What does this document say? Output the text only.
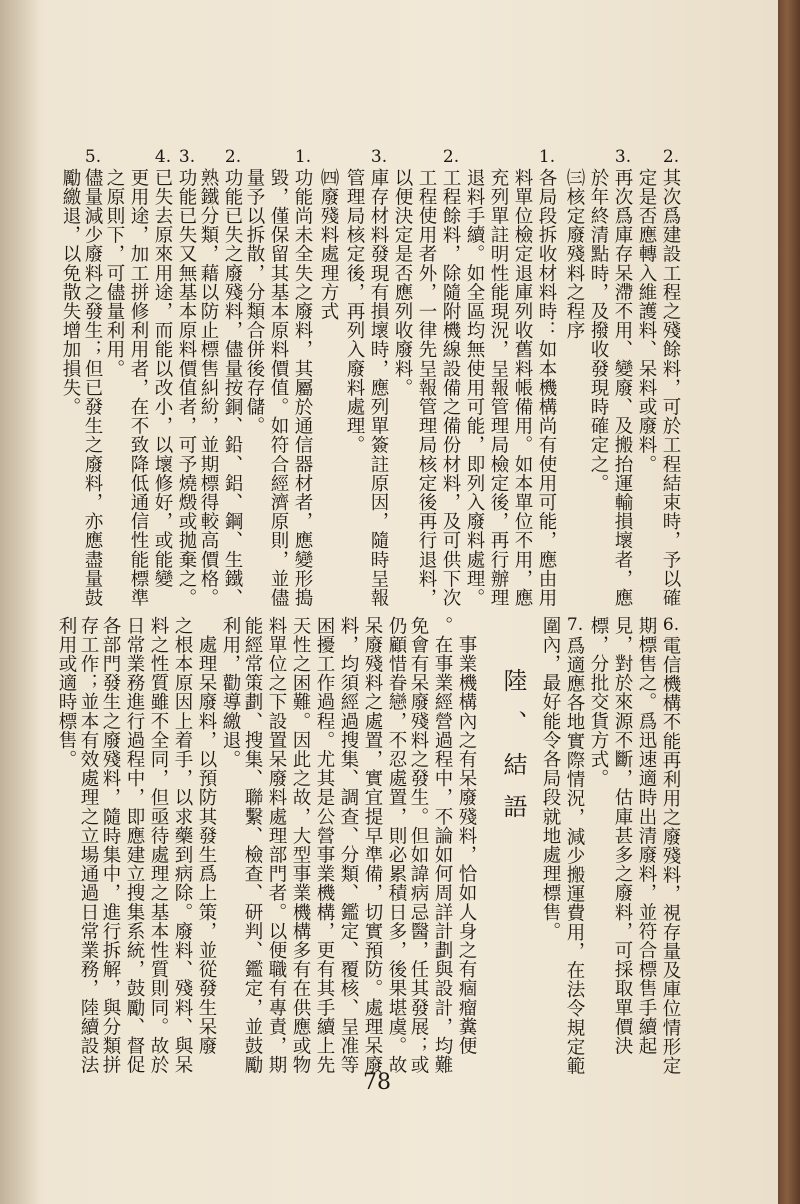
2.
其次爲建設工程之殘餘料，可於工程結束時，予以確
定是否應轉入維護料、呆料或廢料。
3.
再次爲庫存呆滯不用、變廢、及搬抬運輸損壞者，應
於年終清點時，及撥收發現時確定之。
㈢核定廢殘料之程序
1.
各局段拆收材料時：如本機構尚有使用可能，應由用
料單位檢定退庫列收舊料帳備用。如本單位不用，應
充列單註明性能現況，呈報管理局檢定後，再行辦理
退料手續。如全區均無使用可能，即列入廢料處理。
2.
工程餘料，除隨附機線設備之備份材料，及可供下次
工程使用者外，一律先呈報管理局核定後再行退料，
以便決定是否應列收廢料。
3.
庫存材料發現有損壞時，應列單簽註原因，隨時呈報
管理局核定後，再列入廢料處理。
㈣廢殘料處理方式
1.
功能尚未全失之廢料，其屬於通信器材者，應變形搗
毀，僅保留其基本原料價值。如符合經濟原則，並儘
量予以拆散，分類合併後存儲。
2.
功能已失之廢殘料，儘量按銅、鉛、鋁、鋼、生鐵、
熟鐵分類，藉以防止標售糾紛，並期標得較高價格。
3.
功能已失又無基本原料價值者，可予燒燬或拋棄之。
4.
已失去原來用途，而能以改小，以壞修好，或能變
更用途，加工拼修利用者，在不致降低通信性能標準
之原則下，可儘量利用。
5.
儘量減少廢料之發生；但已發生之廢料，亦應盡量鼓
勵繳退，以免散失增加損失。
6.
電信機構不能再利用之廢殘料，視存量及庫位情形定
期標售之。爲迅速適時出清廢料，並符合標售手續起
見，對於來源不斷，估庫甚多之廢料，可採取單價決
標，分批交貨方式。
7.
爲適應各地實際情況，減少搬運費用，在法令規定範
圍內，最好能令各局段就地處理標售。
　事業機構內之有呆廢殘料，恰如人身之有痼瘤糞便
。在事業經營過程中，不論如何周詳計劃與設計，均難
免會有呆廢殘料之發生。但如諱病忌醫，任其發展；或
仍顧惜眷戀，不忍處置，則必累積日多，後果堪虞。故
呆廢殘料之處置，實宜提早準備，切實預防。處理呆廢
料，均須經過搜集、調查、分類、鑑定、覆核、呈准等
困擾工作過程。尤其是公營事業機構，更有其手續上先
天性之困難。因此之故，大型事業機構多有在供應或物
料單位之下設置呆廢料處理部門者。以便職有專責，期
能經常策劃、搜集、聯繫、檢查、研判、鑑定，並鼓勵
利用，勸導繳退。
　處理呆廢料，以預防其發生爲上策，並從發生呆廢
之根本原因上着手，以求藥到病除。廢料、殘料、與呆
料之性質雖不全同，但亟待處理之基本性質則同。故於
日常業務進行過程中，即應建立搜集系統，鼓勵、督促
各部門發生之廢殘料，隨時集中，進行拆解，與分類拼
存工作；並本有效處理之立場通過日常業務，陸續設法
利用或適時標售。	陸、結語
78
